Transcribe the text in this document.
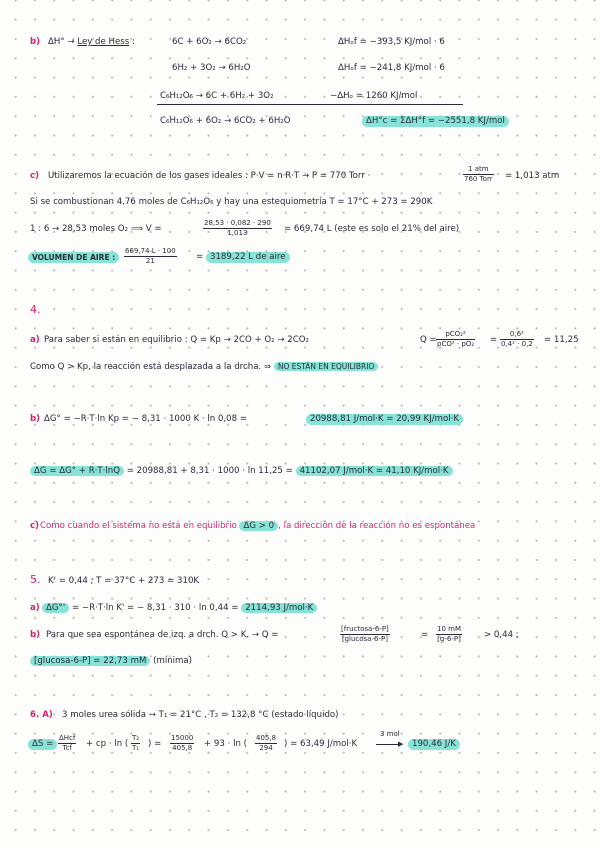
b) ΔH° → Ley de Hess :	6C + 6O₂ → 6CO₂	ΔHₒf = −393,5 KJ/mol · 6
6H₂ + 3O₂ → 6H₂O	ΔHₒf = −241,8 KJ/mol · 6
C₆H₁₂O₆ → 6C + 6H₂ + 3O₂	−ΔHₒ = 1260 KJ/mol
C₆H₁₂O₆ + 6O₂ → 6CO₂ + 6H₂O	ΔH°c = ΣΔH°f = −2551,8 KJ/mol
c) Utilizaremos la ecuación de los gases ideales : P·V = n·R·T → P = 770 Torr ·
1 atm
760 Torr = 1,013 atm
Si se combustionan 4,76 moles de C₆H₁₂O₆ y hay una estequiometría T = 17°C + 273 = 290K
1 : 6 → 28,53 moles O₂ ⟹ V =	$\frac{28,53 \cdot 0,082 \cdot 290}{1,013} = 669,74$ L (este es solo el 21% del aire)
VOLUMEN DE AIRE :	$\frac{669,74 L \cdot 100}{21} = 3189,22$ L de aire
4.
a) Para saber si están en equilibrio : Q = Kp → 2CO + O₂ → 2CO₂	Q =
pCO₂²
$pCO^2 \cdot pO_2 = \frac{\text{0,6²}}{\text{0,4² · 0,2}} = 11,25$
Como Q > Kp, la reacción está desplazada a la drcha. ⇒ NO ESTÁN EN EQUILIBRIO
b) ΔG° = −R·T·ln Kp = − 8,31 · 1000 K · ln 0,08 =	20988,81 J/mol·K = 20,99 KJ/mol·K
ΔG = ΔG° + R·T·lnQ = 20988,81 + 8,31 · 1000 · ln 11,25 = 41102,07 J/mol·K = 41,10 KJ/mol·K
c) Como cuando el sistema no está en equilibrio ΔG > 0 , la dirección de la reacción no es espontánea
5. K' = 0,44 ; T = 37°C + 273 = 310K
a) ΔG°' = −R·T·ln K' = − 8,31 · 310 · ln 0,44 = 2114,93 J/mol·K
b) Para que sea espontánea de izq. a drch. Q > K. → Q =
[fructosa-6-P]
[glucosa-6-P]	= $\frac{10 mM}{[g-6-P]}$	> 0,44 ;
[glucosa-6-P] = 22,73 mM (mínima)
6. A) 3 moles urea sólida → T₁ = 21°C , T₂ = 132,8 °C (estado líquido)
ΔS =
ΔHcf
Tcf	+ cp · ln ( $\frac{\text{T₂}}{\text{T₁}}$ ) = $\frac{15000}{405,8} + 93 \cdot \ln$ ( $\frac{405,8}{294}$ ) = 63,49 J/mol·K
3 mol
▶	190,46 J/K
